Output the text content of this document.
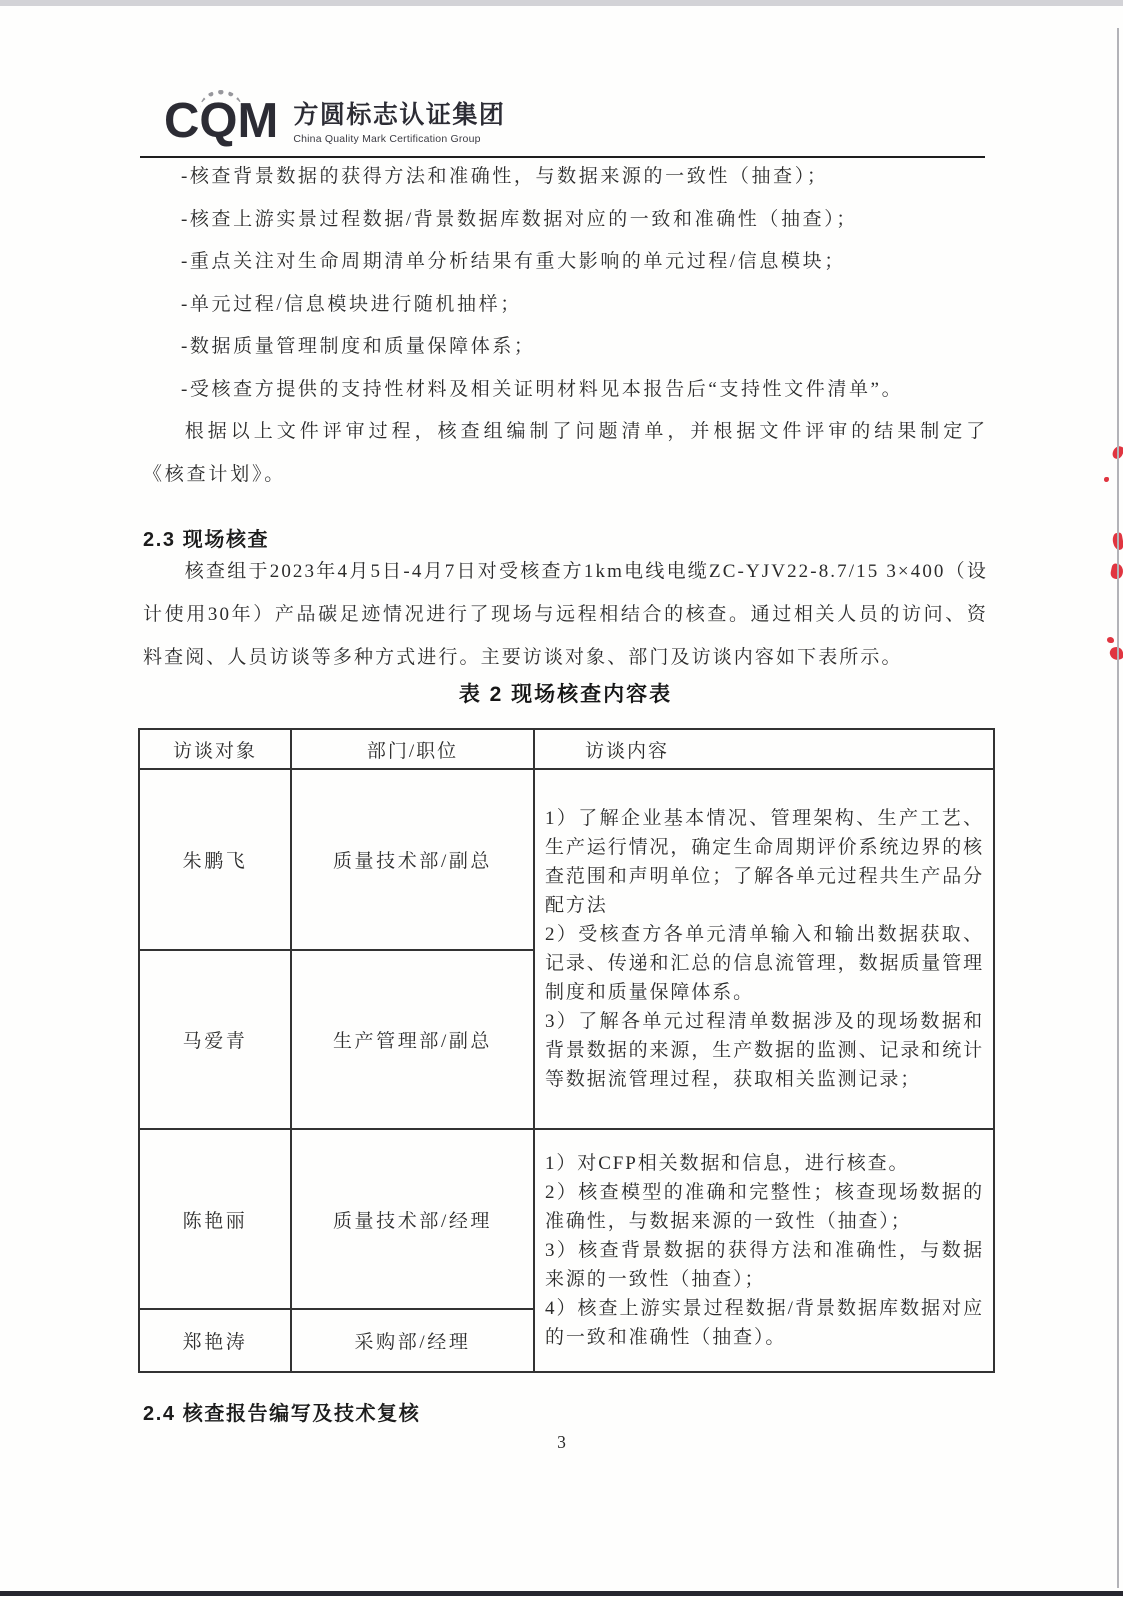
CQM 方圆标志认证集团
China Quality Mark Certification Group
-核查背景数据的获得方法和准确性，与数据来源的一致性（抽查）；
-核查上游实景过程数据/背景数据库数据对应的一致和准确性（抽查）；
-重点关注对生命周期清单分析结果有重大影响的单元过程/信息模块；
-单元过程/信息模块进行随机抽样；
-数据质量管理制度和质量保障体系；
-受核查方提供的支持性材料及相关证明材料见本报告后“支持性文件清单”。
根据以上文件评审过程，核查组编制了问题清单，并根据文件评审的结果制定了《核查计划》。
2.3 现场核查
核查组于2023年4月5日-4月7日对受核查方1km电线电缆ZC-YJV22-8.7/15 3×400（设计使用30年）产品碳足迹情况进行了现场与远程相结合的核查。通过相关人员的访问、资料查阅、人员访谈等多种方式进行。主要访谈对象、部门及访谈内容如下表所示。
表 2 现场核查内容表
访谈对象	部门/职位	访谈内容
朱鹏飞	质量技术部/副总	1）了解企业基本情况、管理架构、生产工艺、生产运行情况，确定生命周期评价系统边界的核查范围和声明单位；了解各单元过程共生产品分配方法

2）受核查方各单元清单输入和输出数据获取、记录、传递和汇总的信息流管理，数据质量管理制度和质量保障体系。

3）了解各单元过程清单数据涉及的现场数据和背景数据的来源，生产数据的监测、记录和统计等数据流管理过程，获取相关监测记录；

马爱青	生产管理部/副总	
陈艳丽	质量技术部/经理	1）对CFP相关数据和信息，进行核查。

2）核查模型的准确和完整性；核查现场数据的准确性，与数据来源的一致性（抽查）；

3）核查背景数据的获得方法和准确性，与数据来源的一致性（抽查）；

4）核查上游实景过程数据/背景数据库数据对应的一致和准确性（抽查）。

郑艳涛	采购部/经理	
2.4 核查报告编写及技术复核
3
